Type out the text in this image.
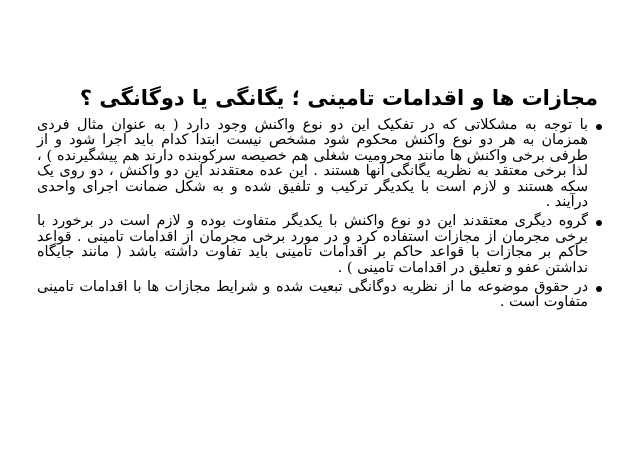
مجازات ها و اقدامات تامینی ؛ یگانگی یا دوگانگی ؟
با توجه به مشکلاتی که در تفکیک این دو نوع واکنش وجود دارد ( به عنوان مثال فردی همزمان به هر دو نوع واکنش محکوم شود مشخص نیست ابتدا کدام باید اجرا شود و از طرفی برخی واکنش ها مانند محرومیت شغلی هم خصیصه سرکوبنده دارند هم پیشگیرنده ) ، لذا برخی معتقد به نظریه یگانگی آنها هستند . این عده معتقدند این دو واکنش ، دو روی یک سکه هستند و لازم است با یکدیگر ترکیب و تلفیق شده و به شکل ضمانت اجرای واحدی درآیند .
گروه دیگری معتقدند این دو نوع واکنش با یکدیگر متفاوت بوده و لازم است در برخورد با برخی مجرمان از مجازات استفاده کرد و در مورد برخی مجرمان از اقدامات تامینی . قواعد حاکم بر مجازات با قواعد حاکم بر اقدامات تامینی باید تفاوت داشته باشد ( مانند جایگاه نداشتن عفو و تعلیق در اقدامات تامینی ) .
در حقوق موضوعه ما از نظریه دوگانگی تبعیت شده و شرایط مجازات ها با اقدامات تامینی متفاوت است .
